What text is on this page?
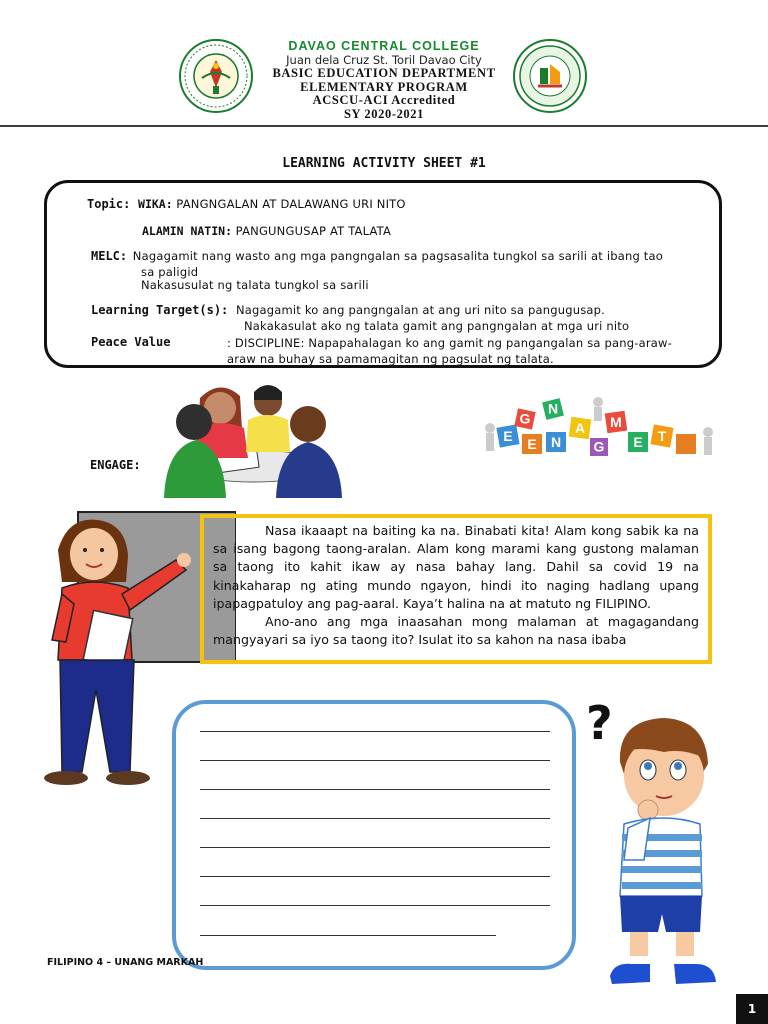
DAVAO CENTRAL COLLEGE
Juan dela Cruz St. Toril Davao City
BASIC EDUCATION DEPARTMENT
ELEMENTARY PROGRAM
ACSCU-ACI Accredited
SY 2020-2021
LEARNING ACTIVITY SHEET #1
Topic: WIKA: PANGNGALAN AT DALAWANG URI NITO
ALAMIN NATIN: PANGUNGUSAP AT TALATA
MELC: Nagagamit nang wasto ang mga pangngalan sa pagsasalita tungkol sa sarili at ibang tao
sa paligid
Nakasusulat ng talata tungkol sa sarili
Learning Target(s): Nagagamit ko ang pangngalan at ang uri nito sa pangugusap.
Nakakasulat ako ng talata gamit ang pangngalan at mga uri nito
Peace Value	: DISCIPLINE: Napapahalagan ko ang gamit ng pangangalan sa pang-araw-
araw na buhay sa pamamagitan ng pagsulat ng talata.
ENGAGE:
E
G
E
N
N
A
G
M
E T

Nasa ikaaapt na baiting ka na. Binabati kita! Alam kong sabik ka na sa isang bagong taong-aralan. Alam kong marami kang gustong malaman sa taong ito kahit ikaw ay nasa bahay lang. Dahil sa covid 19 na kinakaharap ng ating mundo ngayon, hindi ito naging hadlang upang ipapagpatuloy ang pag-aaral. Kaya’t halina na at matuto ng FILIPINO.

Ano-ano ang mga inaasahan mong malaman at magagandang mangyayari sa iyo sa taong ito? Isulat ito sa kahon na nasa ibaba

?
FILIPINO 4 – UNANG MARKAH
1
